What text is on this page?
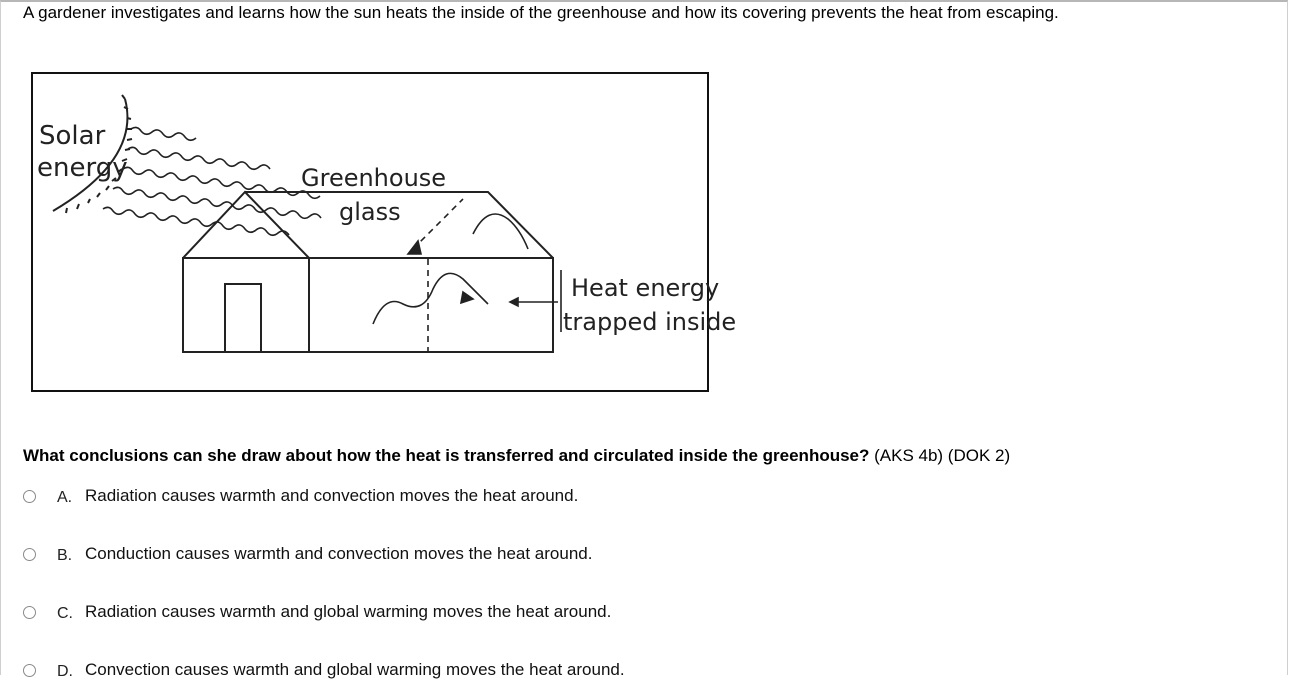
A gardener investigates and learns how the sun heats the inside of the greenhouse and how its covering prevents the heat from escaping.
Solar
energy	Greenhouse
glass
Heat energy
trapped inside
What conclusions can she draw about how the heat is transferred and circulated inside the greenhouse? (AKS 4b) (DOK 2)
A. Radiation causes warmth and convection moves the heat around.
B. Conduction causes warmth and convection moves the heat around.
C. Radiation causes warmth and global warming moves the heat around.
D. Convection causes warmth and global warming moves the heat around.
